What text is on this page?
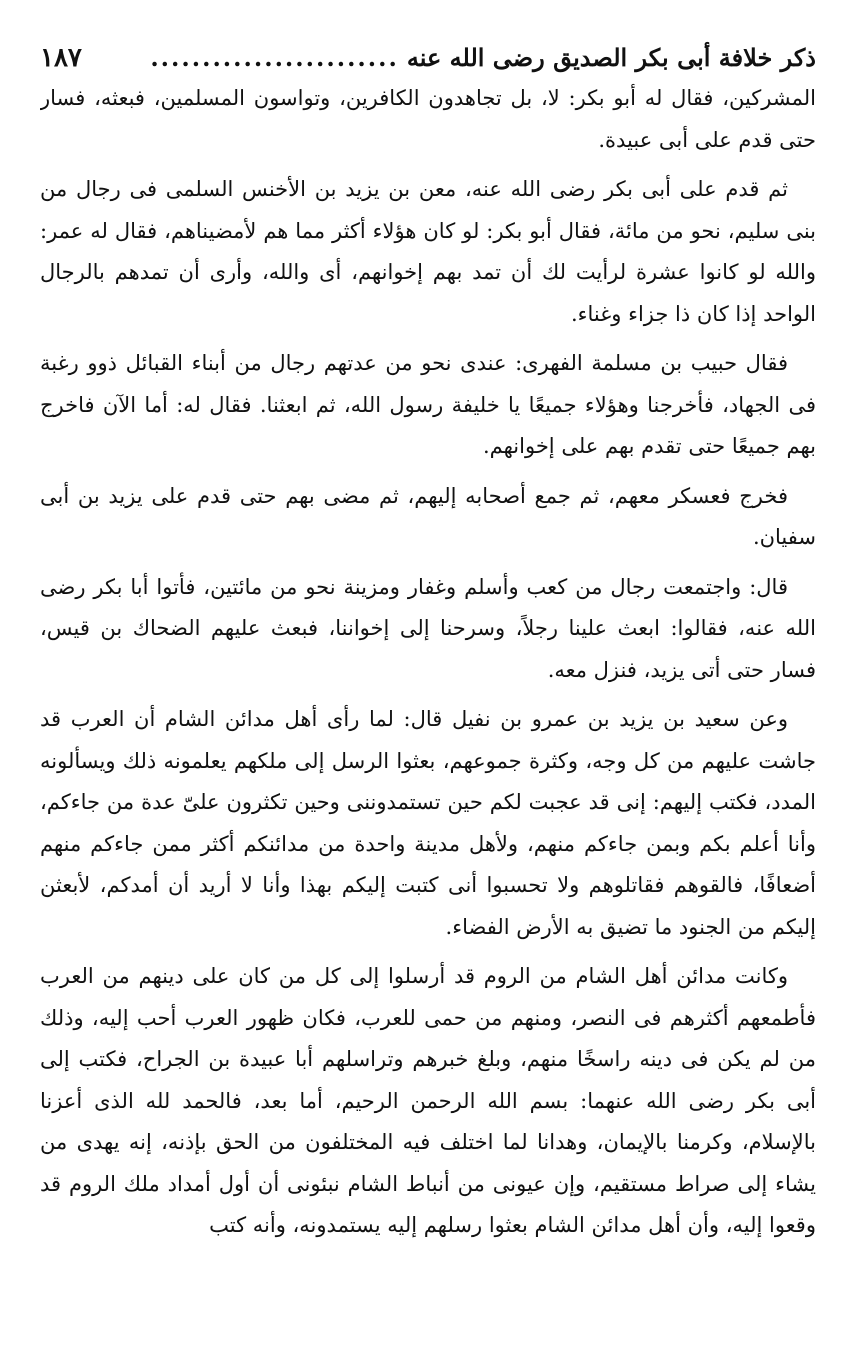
ذكر خلافة أبى بكر الصديق رضى الله عنه
........................
١٨٧

المشركين، فقال له أبو بكر: لا، بل تجاهدون الكافرين، وتواسون المسلمين، فبعثه، فسار حتى قدم على أبى عبيدة.

ثم قدم على أبى بكر رضى الله عنه، معن بن يزيد بن الأخنس السلمى فى رجال من بنى سليم، نحو من مائة، فقال أبو بكر: لو كان هؤلاء أكثر مما هم لأمضيناهم، فقال له عمر: والله لو كانوا عشرة لرأيت لك أن تمد بهم إخوانهم، أى والله، وأرى أن تمدهم بالرجال الواحد إذا كان ذا جزاء وغناء.

فقال حبيب بن مسلمة الفهرى: عندى نحو من عدتهم رجال من أبناء القبائل ذوو رغبة فى الجهاد، فأخرجنا وهؤلاء جميعًا يا خليفة رسول الله، ثم ابعثنا. فقال له: أما الآن فاخرج بهم جميعًا حتى تقدم بهم على إخوانهم.

فخرج فعسكر معهم، ثم جمع أصحابه إليهم، ثم مضى بهم حتى قدم على يزيد بن أبى سفيان.

قال: واجتمعت رجال من كعب وأسلم وغفار ومزينة نحو من مائتين، فأتوا أبا بكر رضى الله عنه، فقالوا: ابعث علينا رجلاً، وسرحنا إلى إخواننا، فبعث عليهم الضحاك بن قيس، فسار حتى أتى يزيد، فنزل معه.

وعن سعيد بن يزيد بن عمرو بن نفيل قال: لما رأى أهل مدائن الشام أن العرب قد جاشت عليهم من كل وجه، وكثرة جموعهم، بعثوا الرسل إلى ملكهم يعلمونه ذلك ويسألونه المدد، فكتب إليهم: إنى قد عجبت لكم حين تستمدوننى وحين تكثرون علىّ عدة من جاءكم، وأنا أعلم بكم وبمن جاءكم منهم، ولأهل مدينة واحدة من مدائنكم أكثر ممن جاءكم منهم أضعافًا، فالقوهم فقاتلوهم ولا تحسبوا أنى كتبت إليكم بهذا وأنا لا أريد أن أمدكم، لأبعثن إليكم من الجنود ما تضيق به الأرض الفضاء.

وكانت مدائن أهل الشام من الروم قد أرسلوا إلى كل من كان على دينهم من العرب فأطمعهم أكثرهم فى النصر، ومنهم من حمى للعرب، فكان ظهور العرب أحب إليه، وذلك من لم يكن فى دينه راسخًا منهم، وبلغ خبرهم وتراسلهم أبا عبيدة بن الجراح، فكتب إلى أبى بكر رضى الله عنهما: بسم الله الرحمن الرحيم، أما بعد، فالحمد لله الذى أعزنا بالإسلام، وكرمنا بالإيمان، وهدانا لما اختلف فيه المختلفون من الحق بإذنه، إنه يهدى من يشاء إلى صراط مستقيم، وإن عيونى من أنباط الشام نبئونى أن أول أمداد ملك الروم قد وقعوا إليه، وأن أهل مدائن الشام بعثوا رسلهم إليه يستمدونه، وأنه كتب
